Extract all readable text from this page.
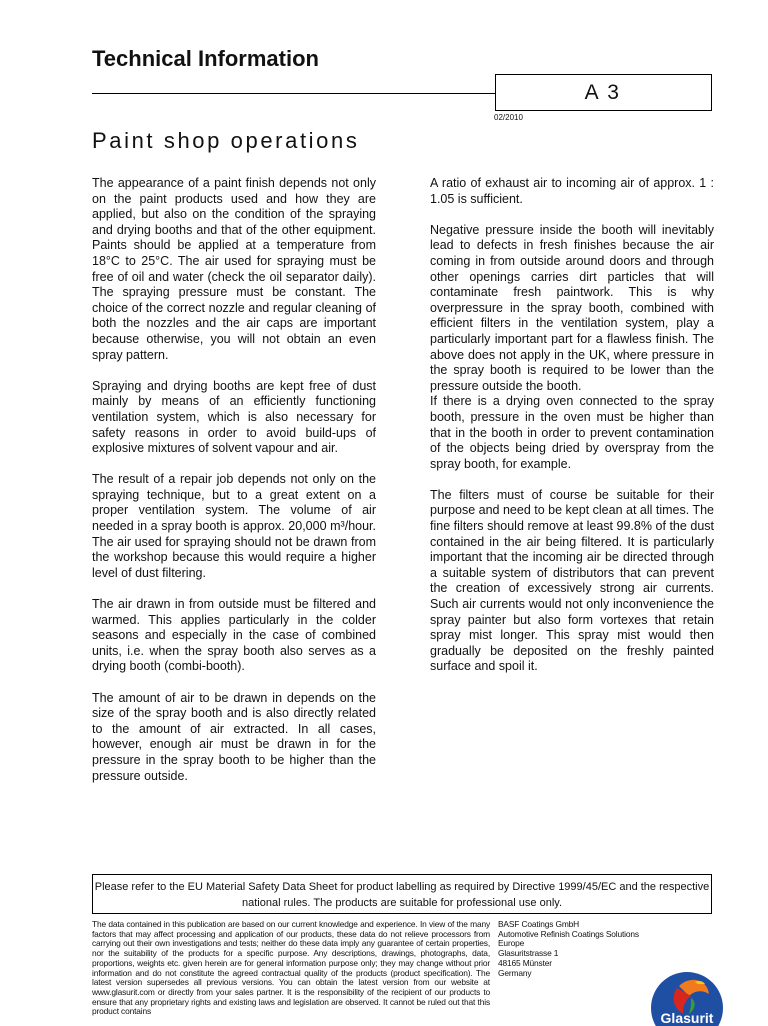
Technical Information
A 3
02/2010
Paint shop operations

The appearance of a paint finish depends not only on the paint products used and how they are applied, but also on the condition of the spraying and drying booths and that of the other equipment. Paints should be applied at a temperature from 18°C to 25°C. The air used for spraying must be free of oil and water (check the oil separator daily). The spraying pressure must be constant. The choice of the correct nozzle and regular cleaning of both the nozzles and the air caps are important because otherwise, you will not obtain an even spray pattern.

Spraying and drying booths are kept free of dust mainly by means of an efficiently functioning ventilation system, which is also necessary for safety reasons in order to avoid build-ups of explosive mixtures of solvent vapour and air.

The result of a repair job depends not only on the spraying technique, but to a great extent on a proper ventilation system. The volume of air needed in a spray booth is approx. 20,000 m³/hour. The air used for spraying should not be drawn from the workshop because this would require a higher level of dust filtering.

The air drawn in from outside must be filtered and warmed. This applies particularly in the colder seasons and especially in the case of combined units, i.e. when the spray booth also serves as a drying booth (combi-booth).

The amount of air to be drawn in depends on the size of the spray booth and is also directly related to the amount of air extracted. In all cases, however, enough air must be drawn in for the pressure in the spray booth to be higher than the pressure outside.

A ratio of exhaust air to incoming air of approx. 1 : 1.05 is sufficient.

Negative pressure inside the booth will inevitably lead to defects in fresh finishes because the air coming in from outside around doors and through other openings carries dirt particles that will contaminate fresh paintwork. This is why overpressure in the spray booth, combined with efficient filters in the ventilation system, play a particularly important part for a flawless finish. The above does not apply in the UK, where pressure in the spray booth is required to be lower than the pressure outside the booth.

If there is a drying oven connected to the spray booth, pressure in the oven must be higher than that in the booth in order to prevent contamination of the objects being dried by overspray from the spray booth, for example.

The filters must of course be suitable for their purpose and need to be kept clean at all times. The fine filters should remove at least 99.8% of the dust contained in the air being filtered. It is particularly important that the incoming air be directed through a suitable system of distributors that can prevent the creation of excessively strong air currents. Such air currents would not only inconvenience the spray painter but also form vortexes that retain spray mist longer. This spray mist would then gradually be deposited on the freshly painted surface and spoil it.

Please refer to the EU Material Safety Data Sheet for product labelling as required by Directive 1999/45/EC and the respective national rules. The products are suitable for professional use only.
The data contained in this publication are based on our current knowledge and experience. In view of the many factors that may affect processing and application of our products, these data do not relieve processors from carrying out their own investigations and tests; neither do these data imply any guarantee of certain properties, nor the suitability of the products for a specific purpose. Any descriptions, drawings, photographs, data, proportions, weights etc. given herein are for general information purpose only; they may change without prior information and do not constitute the agreed contractual quality of the products (product specification). The latest version supersedes all previous versions. You can obtain the latest version from our website at www.glasurit.com or directly from your sales partner. It is the responsibility of the recipient of our products to ensure that any proprietary rights and existing laws and legislation are observed. It cannot be ruled out that this product contains
BASF Coatings GmbH
Automotive Refinish Coatings Solutions
Europe
Glasuritstrasse 1
48165 Münster
Germany
Glasurit
